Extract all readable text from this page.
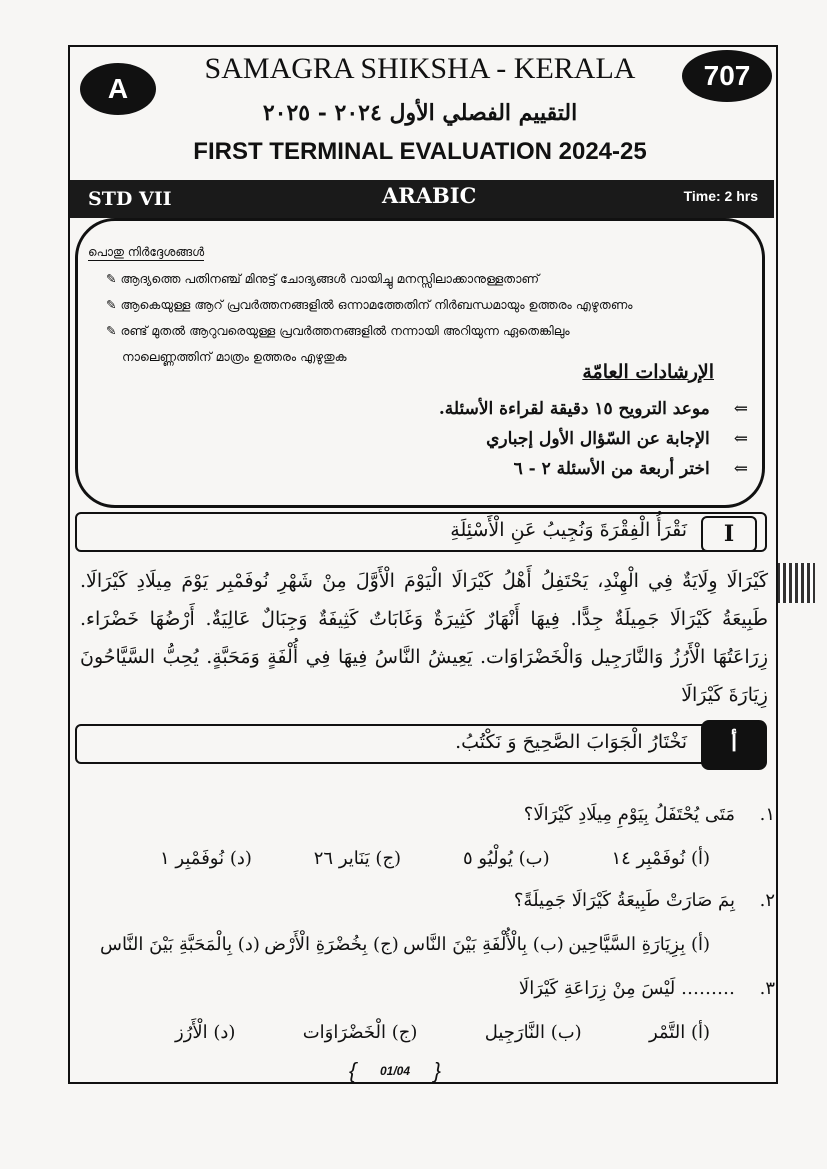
A	707
SAMAGRA SHIKSHA - KERALA
التقييم الفصلي الأول ٢٠٢٤ - ٢٠٢٥
FIRST TERMINAL EVALUATION 2024-25
STD VII	ARABIC	Time: 2 hrs
പൊതു നിർദ്ദേശങ്ങൾ
✎ ആദ്യത്തെ പതിനഞ്ച് മിനുട്ട് ചോദ്യങ്ങൾ വായിച്ചു മനസ്സിലാക്കാനുള്ളതാണ്
✎ ആകെയുള്ള ആറ് പ്രവർത്തനങ്ങളിൽ ഒന്നാമത്തേതിന് നിർബന്ധമായും ഉത്തരം എഴുതണം
✎ രണ്ട് മുതൽ ആറുവരെയുള്ള പ്രവർത്തനങ്ങളിൽ നന്നായി അറിയുന്ന ഏതെങ്കിലും
നാലെണ്ണത്തിന് മാത്രം ഉത്തരം എഴുതുക
الإرشادات العامّة
⇐موعد الترويح ١٥ دقيقة لقراءة الأسئلة.
⇐الإجابة عن السّؤال الأول إجباري
⇐اختر أربعة من الأسئلة ٢ - ٦
I
نَقْرَأُ الْفِقْرَةَ وَنُجِيبُ عَنِ الْأَسْئِلَةِ
كَيْرَالَا وِلَايَةٌ فِي الْهِنْدِ، يَحْتَفِلُ أَهْلُ كَيْرَالَا الْيَوْمَ الْأَوَّلَ مِنْ شَهْرِ نُوفَمْبِر يَوْمَ مِيلَادِ كَيْرَالَا. طَبِيعَةُ كَيْرَالَا جَمِيلَةٌ جِدًّا. فِيهَا أَنْهَارٌ كَثِيرَةٌ وَغَابَاتٌ كَثِيفَةٌ وَجِبَالٌ عَالِيَةٌ. أَرْضُهَا خَضْرَاء. زِرَاعَتُهَا الْأَرُزُ وَالنَّارَجِيل وَالْخَضْرَاوَات. يَعِيشُ النَّاسُ فِيهَا فِي أُلْفَةٍ وَمَحَبَّةٍ. يُحِبُّ السَّيَّاحُونَ زِيَارَةَ كَيْرَالَا
أ
نَخْتَارُ الْجَوَابَ الصَّحِيحَ وَ نَكْتُبُ.
١.
مَتَى يُحْتَفَلُ بِيَوْمِ مِيلَادِ كَيْرَالَا؟
(أ) نُوفَمْبِر ١٤
(ب) يُولْيُو ٥
(ج) يَنَاير ٢٦
(د) نُوفَمْبِر ١
٢.
بِمَ صَارَتْ طَبِيعَةُ كَيْرَالَا جَمِيلَةً؟
(أ) بِزِيَارَةِ السَّيَّاحِين
(ب) بِالْأُلْفَةِ بَيْنَ النَّاس
(ج) بِخُضْرَةِ الْأَرْض
(د) بِالْمَحَبَّةِ بَيْنَ النَّاس
٣.
……… لَيْسَ مِنْ زِرَاعَةِ كَيْرَالَا
(أ) التَّمْر
(ب) النَّارَجِيل
(ج) الْخَضْرَاوَات
(د) الْأَرُز
{ 01/04 }
